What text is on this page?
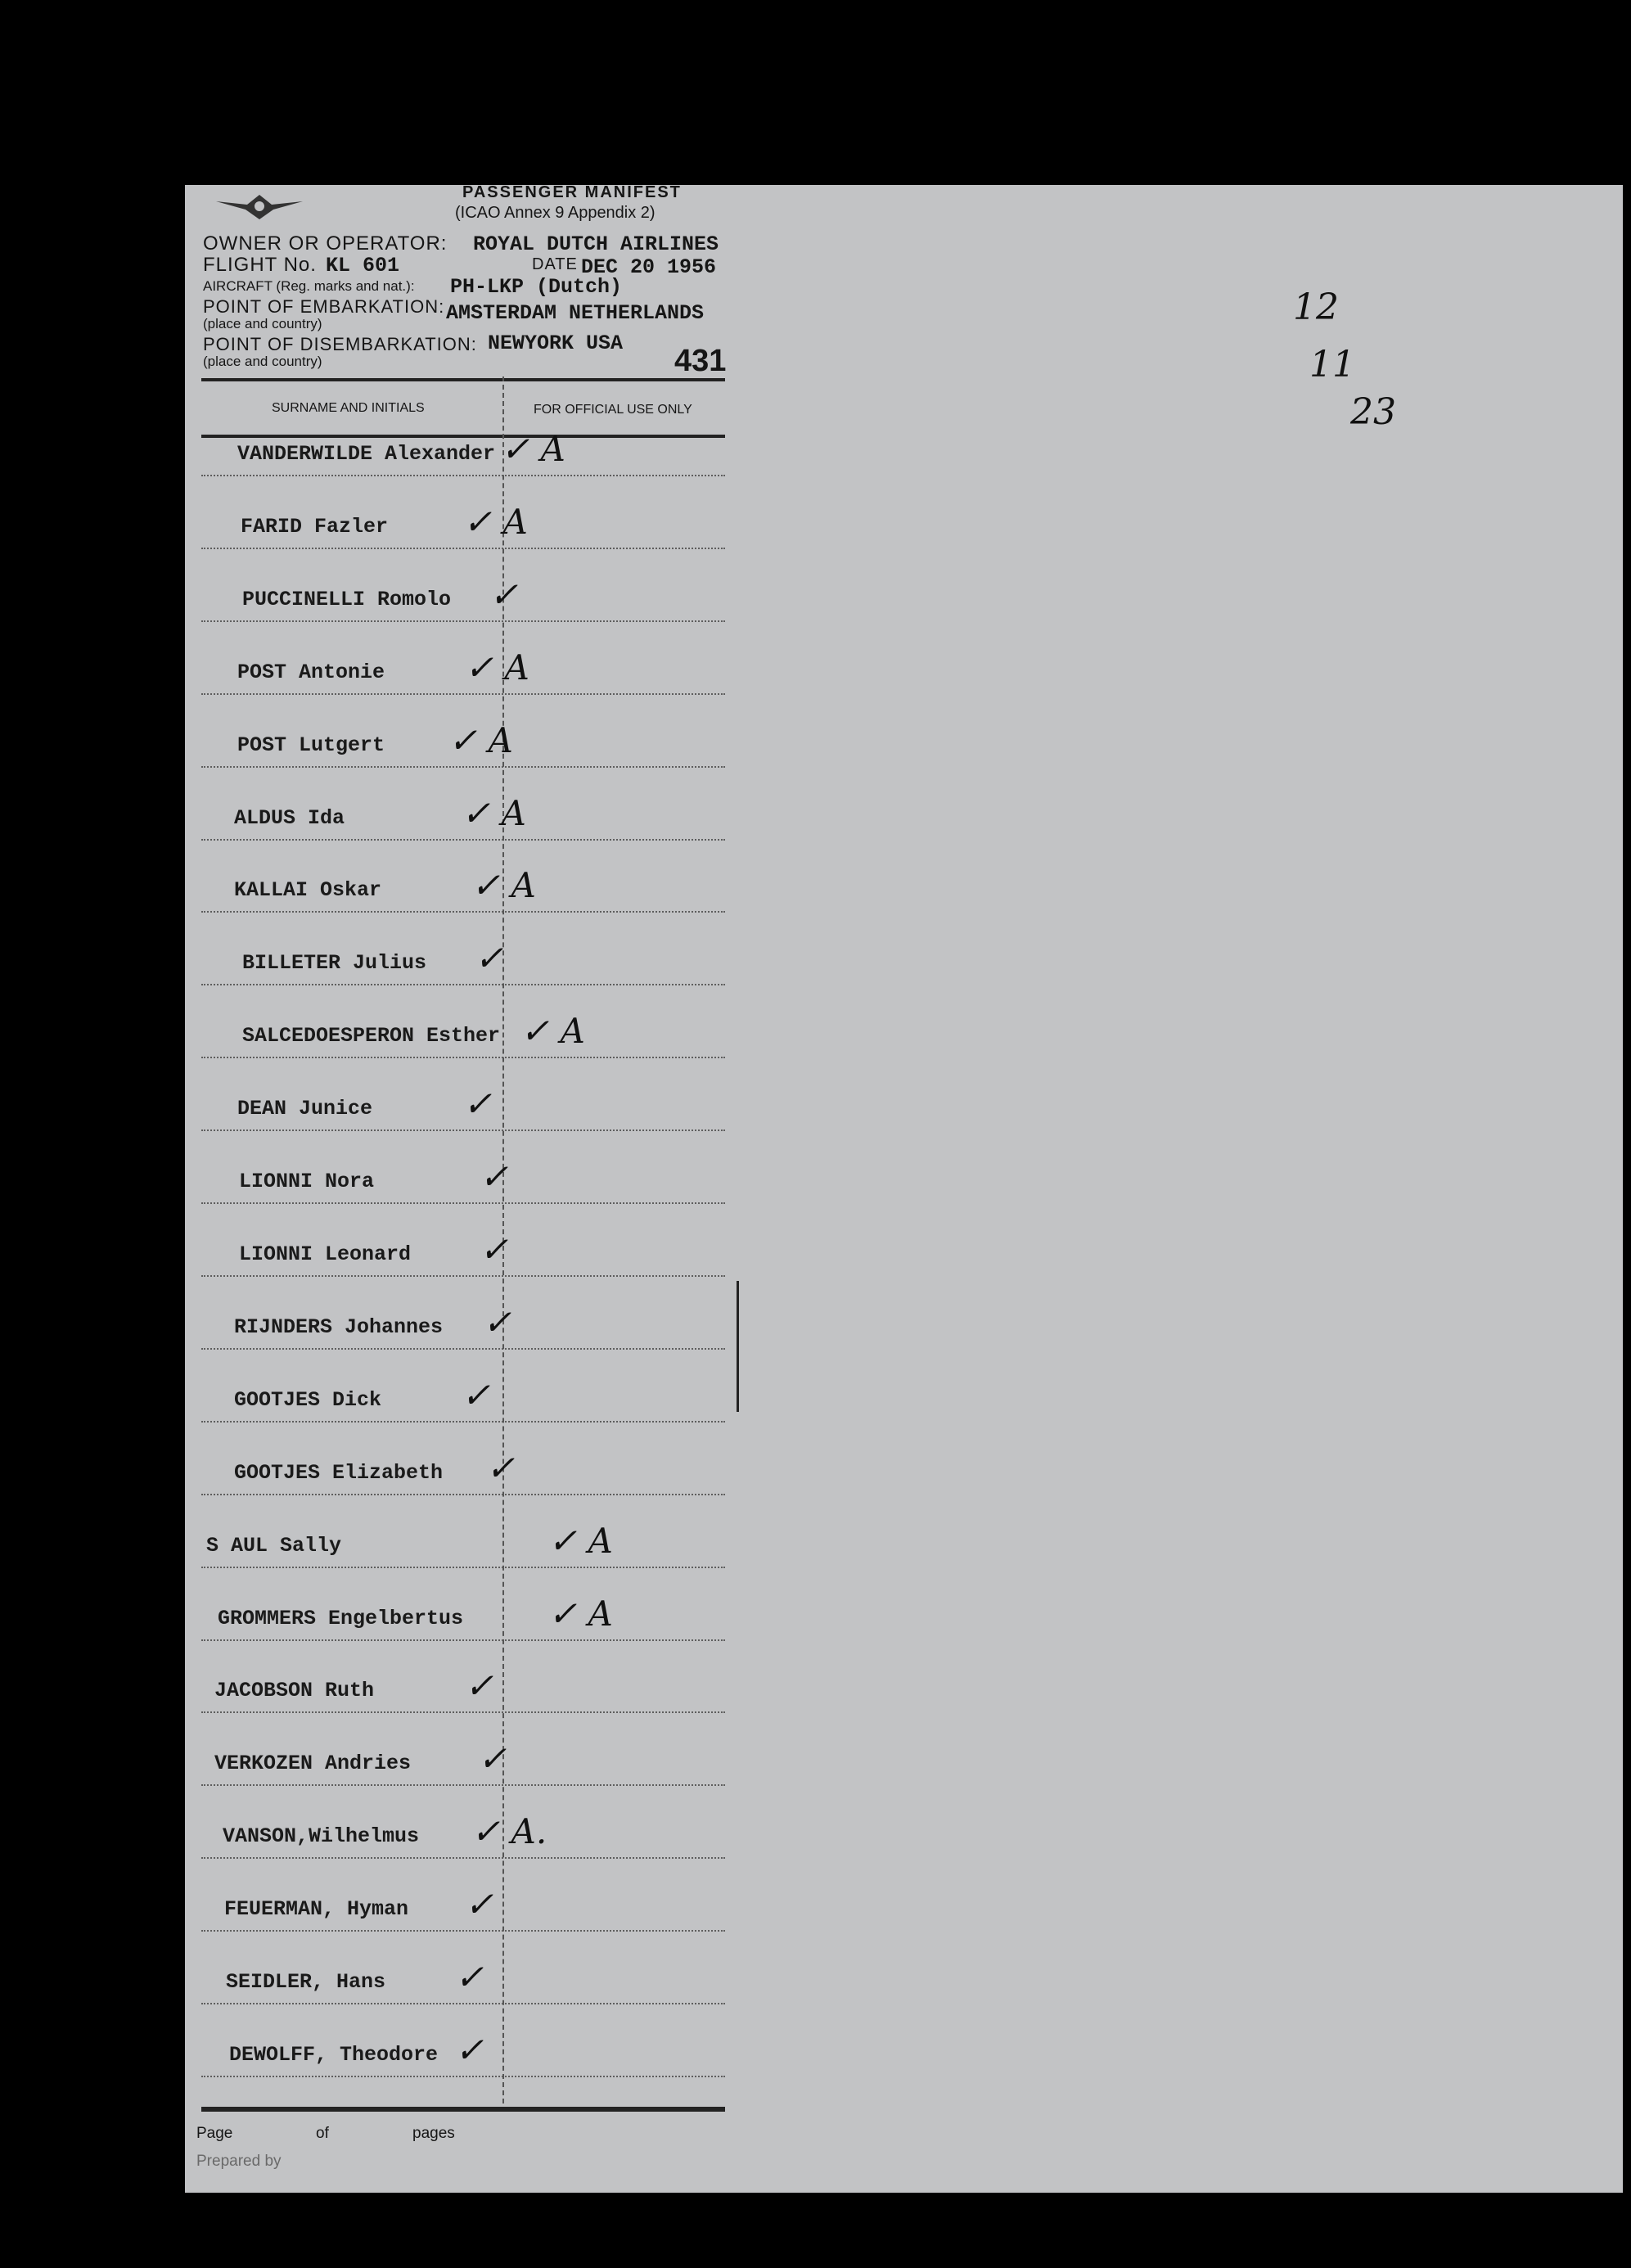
PASSENGER MANIFEST
(ICAO Annex 9 Appendix 2)
OWNER OR OPERATOR: ROYAL DUTCH AIRLINES
FLIGHT No. KL 601	DATE DEC 20 1956
AIRCRAFT (Reg. marks and nat.): PH-LKP (Dutch)
POINT OF EMBARKATION: AMSTERDAM NETHERLANDS
(place and country)
POINT OF DISEMBARKATION: NEWYORK USA
(place and country)	431
SURNAME AND INITIALS	FOR OFFICIAL USE ONLY
VANDERWILDE Alexander ✓ A
FARID Fazler ✓ A
PUCCINELLI Romolo ✓
POST Antonie ✓ A
POST Lutgert ✓ A
ALDUS Ida	✓ A
KALLAI Oskar	✓ A
BILLETER Julius ✓
SALCEDOESPERON Esther ✓ A
DEAN Junice	✓
LIONNI Nora	✓
LIONNI Leonard ✓
RIJNDERS Johannes ✓
GOOTJES Dick ✓
GOOTJES Elizabeth ✓
S AUL Sally	✓ A
GROMMERS Engelbertus ✓ A
JACOBSON Ruth	✓
VERKOZEN Andries ✓
VANSON,Wilhelmus ✓ A.
FEUERMAN, Hyman ✓
SEIDLER, Hans ✓
DEWOLFF, Theodore ✓
Page	of	pages
Prepared by
12
11
23
